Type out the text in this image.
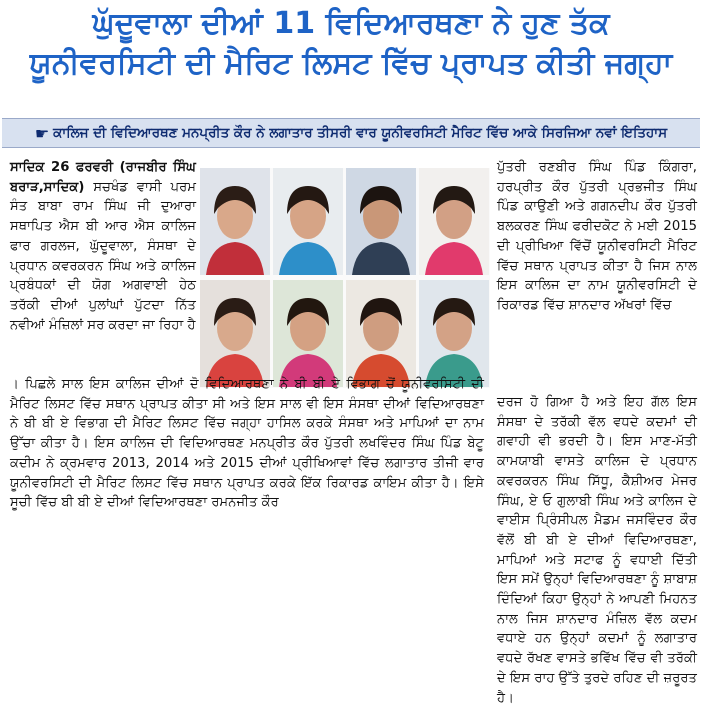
ਘੁੱਦੂਵਾਲਾ ਦੀਆਂ 11 ਵਿਦਿਆਰਥਣਾ ਨੇ ਹੁਣ ਤੱਕ
ਯੂਨੀਵਰਸਿਟੀ ਦੀ ਮੈਰਿਟ ਲਿਸਟ ਵਿੱਚ ਪ੍ਰਾਪਤ ਕੀਤੀ ਜਗ੍ਹਾ
☛ ਕਾਲਿਜ ਦੀ ਵਿਦਿਆਰਥਣ ਮਨਪ੍ਰੀਤ ਕੌਰ ਨੇ ਲਗਾਤਾਰ ਤੀਸਰੀ ਵਾਰ ਯੂਨੀਵਰਸਿਟੀ ਮੈਰਿਟ ਵਿੱਚ ਆਕੇ ਸਿਰਜਿਆ ਨਵਾਂ ਇਤਿਹਾਸ

ਸਾਦਿਕ 26 ਫਰਵਰੀ (ਰਾਜਬੀਰ ਸਿੰਘ ਬਰਾੜ,ਸਾਦਿਕ) ਸਚਖੰਡ ਵਾਸੀ ਪਰਮ ਸੰਤ ਬਾਬਾ ਰਾਮ ਸਿੰਘ ਜੀ ਦੁਆਰਾ ਸਥਾਪਿਤ ਐਸ ਬੀ ਆਰ ਐਸ ਕਾਲਿਜ ਫਾਰ ਗਰਲਜ, ਘੁੱਦੂਵਾਲਾ, ਸੰਸਥਾ ਦੇ ਪ੍ਰਧਾਨ ਕਵਰਕਰਨ ਸਿੰਘ ਅਤੇ ਕਾਲਿਜ ਪ੍ਰਬੰਧਕਾਂ ਦੀ ਯੋਗ ਅਗਵਾਈ ਹੇਠ ਤਰੱਕੀ ਦੀਆਂ ਪੁਲਾਂਘਾਂ ਪੁੱਟਦਾ ਨਿੱਤ ਨਵੀਆਂ ਮੰਜ਼ਿਲਾਂ ਸਰ ਕਰਦਾ ਜਾ ਰਿਹਾ ਹੈ

। ਪਿਛਲੇ ਸਾਲ ਇਸ ਕਾਲਿਜ ਦੀਆਂ ਦੋ ਵਿਦਿਆਰਥਣਾ ਨੇ ਬੀ ਬੀ ਏ ਵਿਭਾਗ ਚੋਂ ਯੂਨੀਵਰਸਿਟੀ ਦੀ ਮੈਰਿਟ ਲਿਸਟ ਵਿੱਚ ਸਥਾਨ ਪ੍ਰਾਪਤ ਕੀਤਾ ਸੀ ਅਤੇ ਇਸ ਸਾਲ ਵੀ ਇਸ ਸੰਸਥਾ ਦੀਆਂ ਵਿਦਿਆਰਥਣਾ ਨੇ ਬੀ ਬੀ ਏ ਵਿਭਾਗ ਦੀ ਮੈਰਿਟ ਲਿਸਟ ਵਿੱਚ ਜਗ੍ਹਾ ਹਾਸਿਲ ਕਰਕੇ ਸੰਸਥਾ ਅਤੇ ਮਾਪਿਆਂ ਦਾ ਨਾਮ ਉੱਚਾ ਕੀਤਾ ਹੈ। ਇਸ ਕਾਲਿਜ ਦੀ ਵਿਦਿਆਰਥਣ ਮਨਪ੍ਰੀਤ ਕੌਰ ਪੁੱਤਰੀ ਲਖਵਿੰਦਰ ਸਿੰਘ ਪਿੰਡ ਬੇਟੂ ਕਦੀਮ ਨੇ ਕ੍ਰਮਵਾਰ 2013, 2014 ਅਤੇ 2015 ਦੀਆਂ ਪ੍ਰੀਖਿਆਵਾਂ ਵਿੱਚ ਲਗਾਤਾਰ ਤੀਜੀ ਵਾਰ ਯੂਨੀਵਰਸਿਟੀ ਦੀ ਮੈਰਿਟ ਲਿਸਟ ਵਿੱਚ ਸਥਾਨ ਪ੍ਰਾਪਤ ਕਰਕੇ ਇੱਕ ਰਿਕਾਰਡ ਕਾਇਮ ਕੀਤਾ ਹੈ। ਇਸੇ ਸੂਚੀ ਵਿੱਚ ਬੀ ਬੀ ਏ ਦੀਆਂ ਵਿਦਿਆਰਥਣਾ ਰਮਨਜੀਤ ਕੌਰ

ਪੁੱਤਰੀ ਰਣਬੀਰ ਸਿੰਘ ਪਿੰਡ ਕਿੰਗਰਾ, ਹਰਪ੍ਰੀਤ ਕੌਰ ਪੁੱਤਰੀ ਪ੍ਰਭਜੀਤ ਸਿੰਘ ਪਿੰਡ ਕਾਉਣੀ ਅਤੇ ਗਗਨਦੀਪ ਕੌਰ ਪੁੱਤਰੀ ਬਲਕਰਣ ਸਿੰਘ ਫਰੀਦਕੋਟ ਨੇ ਮਈ 2015 ਦੀ ਪ੍ਰੀਖਿਆ ਵਿੱਚੋਂ ਯੂਨੀਵਰਸਿਟੀ ਮੈਰਿਟ ਵਿੱਚ ਸਥਾਨ ਪ੍ਰਾਪਤ ਕੀਤਾ ਹੈ ਜਿਸ ਨਾਲ ਇਸ ਕਾਲਿਜ ਦਾ ਨਾਮ ਯੂਨੀਵਰਸਿਟੀ ਦੇ ਰਿਕਾਰਡ ਵਿੱਚ ਸ਼ਾਨਦਾਰ ਅੱਖਰਾਂ ਵਿੱਚ

ਦਰਜ ਹੋ ਗਿਆ ਹੈ ਅਤੇ ਇਹ ਗੱਲ ਇਸ ਸੰਸਥਾ ਦੇ ਤਰੱਕੀ ਵੱਲ ਵਧਦੇ ਕਦਮਾਂ ਦੀ ਗਵਾਹੀ ਵੀ ਭਰਦੀ ਹੈ। ਇਸ ਮਾਣ-ਮੱਤੀ ਕਾਮਯਾਬੀ ਵਾਸਤੇ ਕਾਲਿਜ ਦੇ ਪ੍ਰਧਾਨ ਕਵਰਕਰਨ ਸਿੰਘ ਸਿੱਧੂ, ਕੈਸ਼ੀਅਰ ਮੇਜਰ ਸਿੰਘ, ਏ ਓ ਗੁਲਾਬੀ ਸਿੰਘ ਅਤੇ ਕਾਲਿਜ ਦੇ ਵਾਈਸ ਪ੍ਰਿੰਸੀਪਲ ਮੈਡਮ ਜਸਵਿੰਦਰ ਕੌਰ ਵੱਲੋਂ ਬੀ ਬੀ ਏ ਦੀਆਂ ਵਿਦਿਆਰਥਣਾ, ਮਾਪਿਆਂ ਅਤੇ ਸਟਾਫ ਨੂੰ ਵਧਾਈ ਦਿੱਤੀ ਇਸ ਸਮੇਂ ਉਨ੍ਹਾਂ ਵਿਦਿਆਰਥਣਾ ਨੂੰ ਸ਼ਾਬਾਸ਼ ਦਿੰਦਿਆਂ ਕਿਹਾ ਉਨ੍ਹਾਂ ਨੇ ਆਪਣੀ ਮਿਹਨਤ ਨਾਲ ਜਿਸ ਸ਼ਾਨਦਾਰ ਮੰਜ਼ਿਲ ਵੱਲ ਕਦਮ ਵਧਾਏ ਹਨ ਉਨ੍ਹਾਂ ਕਦਮਾਂ ਨੂੰ ਲਗਾਤਾਰ ਵਧਦੇ ਰੱਖਣ ਵਾਸਤੇ ਭਵਿੱਖ ਵਿੱਚ ਵੀ ਤਰੱਕੀ ਦੇ ਇਸ ਰਾਹ ਉੱਤੇ ਤੁਰਦੇ ਰਹਿਣ ਦੀ ਜ਼ਰੂਰਤ ਹੈ।
